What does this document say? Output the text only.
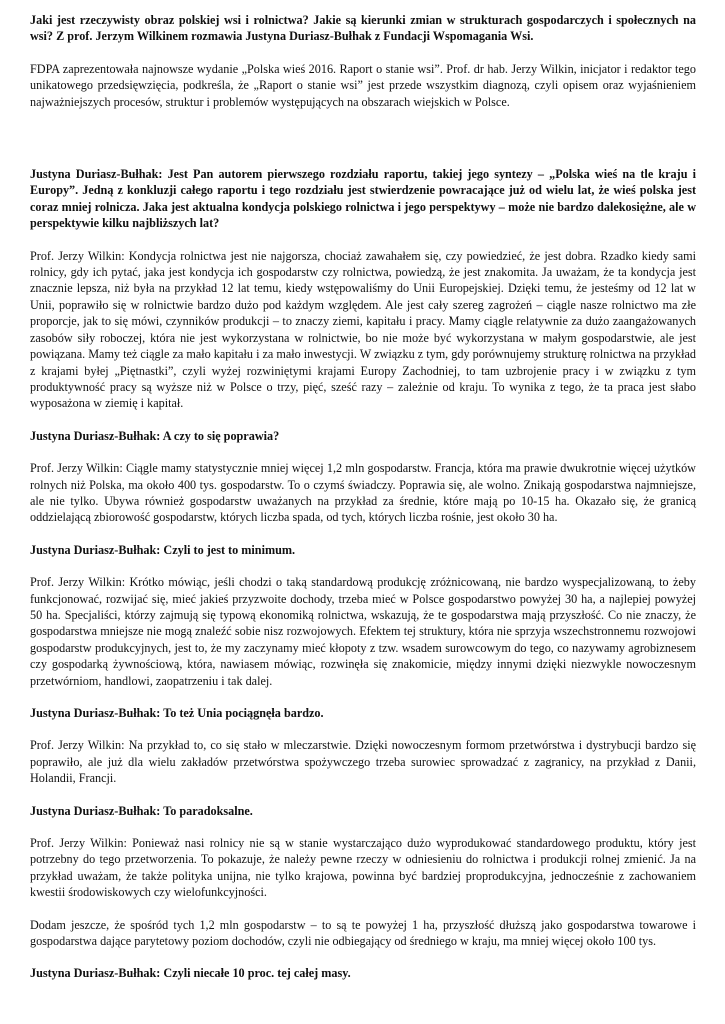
Jaki jest rzeczywisty obraz polskiej wsi i rolnictwa? Jakie są kierunki zmian w strukturach gospodarczych i społecznych na wsi? Z prof. Jerzym Wilkinem rozmawia Justyna Duriasz-Bułhak z Fundacji Wspomagania Wsi.

FDPA zaprezentowała najnowsze wydanie „Polska wieś 2016. Raport o stanie wsi”. Prof. dr hab. Jerzy Wilkin, inicjator i redaktor tego unikatowego przedsięwzięcia, podkreśla, że „Raport o stanie wsi” jest przede wszystkim diagnozą, czyli opisem oraz wyjaśnieniem najważniejszych procesów, struktur i problemów występujących na obszarach wiejskich w Polsce.

Justyna Duriasz-Bułhak: Jest Pan autorem pierwszego rozdziału raportu, takiej jego syntezy – „Polska wieś na tle kraju i Europy”. Jedną z konkluzji całego raportu i tego rozdziału jest stwierdzenie powracające już od wielu lat, że wieś polska jest coraz mniej rolnicza. Jaka jest aktualna kondycja polskiego rolnictwa i jego perspektywy – może nie bardzo dalekosiężne, ale w perspektywie kilku najbliższych lat?

Prof. Jerzy Wilkin: Kondycja rolnictwa jest nie najgorsza, chociaż zawahałem się, czy powiedzieć, że jest dobra. Rzadko kiedy sami rolnicy, gdy ich pytać, jaka jest kondycja ich gospodarstw czy rolnictwa, powiedzą, że jest znakomita. Ja uważam, że ta kondycja jest znacznie lepsza, niż była na przykład 12 lat temu, kiedy wstępowaliśmy do Unii Europejskiej. Dzięki temu, że jesteśmy od 12 lat w Unii, poprawiło się w rolnictwie bardzo dużo pod każdym względem. Ale jest cały szereg zagrożeń – ciągle nasze rolnictwo ma złe proporcje, jak to się mówi, czynników produkcji – to znaczy ziemi, kapitału i pracy. Mamy ciągle relatywnie za dużo zaangażowanych zasobów siły roboczej, która nie jest wykorzystana w rolnictwie, bo nie może być wykorzystana w małym gospodarstwie, ale jest powiązana. Mamy też ciągle za mało kapitału i za mało inwestycji. W związku z tym, gdy porównujemy strukturę rolnictwa na przykład z krajami byłej „Piętnastki”, czyli wyżej rozwiniętymi krajami Europy Zachodniej, to tam uzbrojenie pracy i w związku z tym produktywność pracy są wyższe niż w Polsce o trzy, pięć, sześć razy – zależnie od kraju. To wynika z tego, że ta praca jest słabo wyposażona w ziemię i kapitał.

Justyna Duriasz-Bułhak: A czy to się poprawia?

Prof. Jerzy Wilkin: Ciągle mamy statystycznie mniej więcej 1,2 mln gospodarstw. Francja, która ma prawie dwukrotnie więcej użytków rolnych niż Polska, ma około 400 tys. gospodarstw. To o czymś świadczy. Poprawia się, ale wolno. Znikają gospodarstwa najmniejsze, ale nie tylko. Ubywa również gospodarstw uważanych na przykład za średnie, które mają po 10-15 ha. Okazało się, że granicą oddzielającą zbiorowość gospodarstw, których liczba spada, od tych, których liczba rośnie, jest około 30 ha.

Justyna Duriasz-Bułhak: Czyli to jest to minimum.

Prof. Jerzy Wilkin: Krótko mówiąc, jeśli chodzi o taką standardową produkcję zróżnicowaną, nie bardzo wyspecjalizowaną, to żeby funkcjonować, rozwijać się, mieć jakieś przyzwoite dochody, trzeba mieć w Polsce gospodarstwo powyżej 30 ha, a najlepiej powyżej 50 ha. Specjaliści, którzy zajmują się typową ekonomiką rolnictwa, wskazują, że te gospodarstwa mają przyszłość. Co nie znaczy, że gospodarstwa mniejsze nie mogą znaleźć sobie nisz rozwojowych. Efektem tej struktury, która nie sprzyja wszechstronnemu rozwojowi gospodarstw produkcyjnych, jest to, że my zaczynamy mieć kłopoty z tzw. wsadem surowcowym do tego, co nazywamy agrobiznesem czy gospodarką żywnościową, która, nawiasem mówiąc, rozwinęła się znakomicie, między innymi dzięki niezwykle nowoczesnym przetwórniom, handlowi, zaopatrzeniu i tak dalej.

Justyna Duriasz-Bułhak: To też Unia pociągnęła bardzo.

Prof. Jerzy Wilkin: Na przykład to, co się stało w mleczarstwie. Dzięki nowoczesnym formom przetwórstwa i dystrybucji bardzo się poprawiło, ale już dla wielu zakładów przetwórstwa spożywczego trzeba surowiec sprowadzać z zagranicy, na przykład z Danii, Holandii, Francji.

Justyna Duriasz-Bułhak: To paradoksalne.

Prof. Jerzy Wilkin: Ponieważ nasi rolnicy nie są w stanie wystarczająco dużo wyprodukować standardowego produktu, który jest potrzebny do tego przetworzenia. To pokazuje, że należy pewne rzeczy w odniesieniu do rolnictwa i produkcji rolnej zmienić. Ja na przykład uważam, że także polityka unijna, nie tylko krajowa, powinna być bardziej proprodukcyjna, jednocześnie z zachowaniem kwestii środowiskowych czy wielofunkcyjności.

Dodam jeszcze, że spośród tych 1,2 mln gospodarstw – to są te powyżej 1 ha, przyszłość dłuższą jako gospodarstwa towarowe i gospodarstwa dające parytetowy poziom dochodów, czyli nie odbiegający od średniego w kraju, ma mniej więcej około 100 tys.

Justyna Duriasz-Bułhak: Czyli niecałe 10 proc. tej całej masy.
